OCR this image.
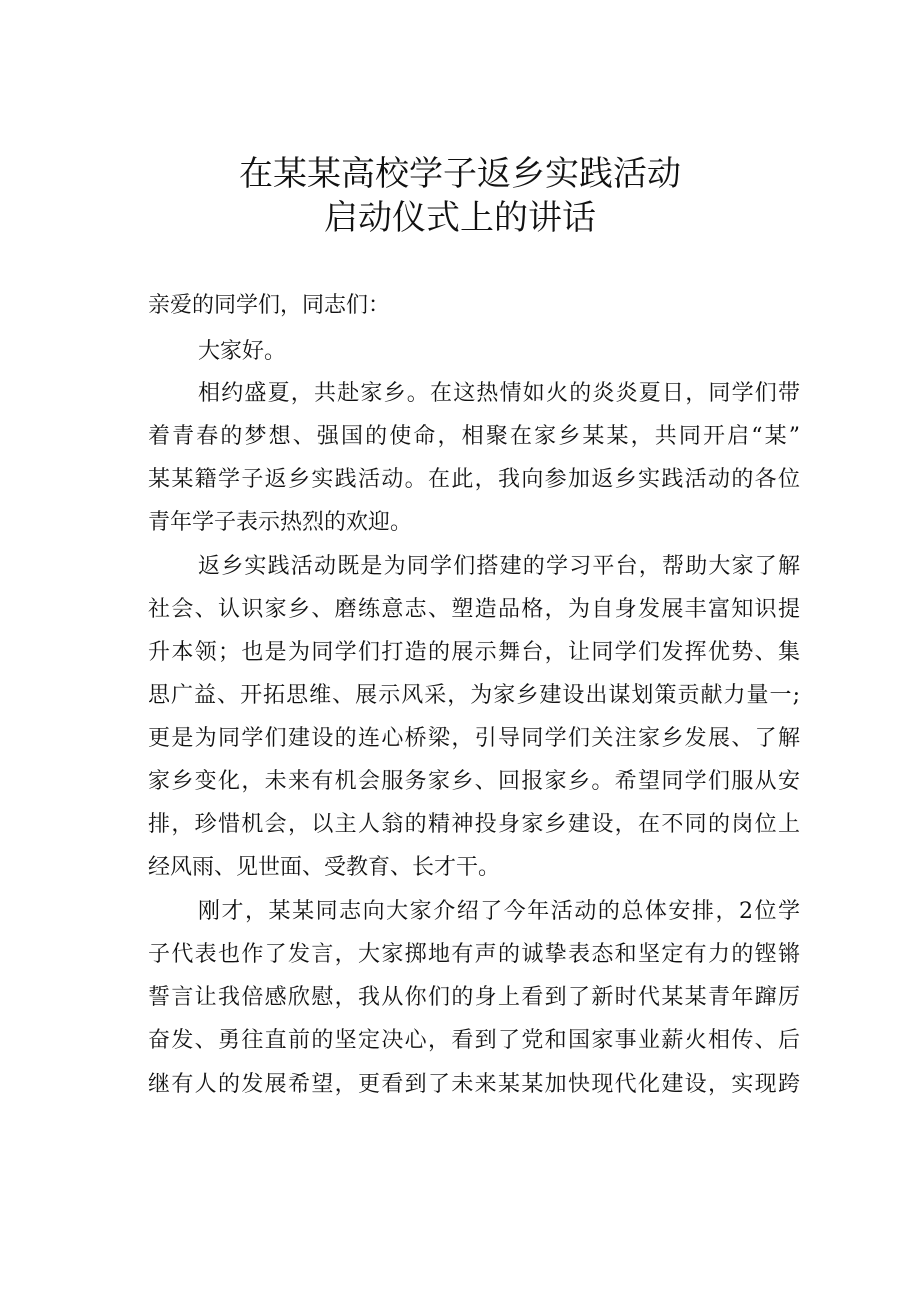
在某某高校学子返乡实践活动
启动仪式上的讲话
亲爱的同学们，同志们：
大家好。
相约盛夏，共赴家乡。在这热情如火的炎炎夏日，同学们带
着青春的梦想、强国的使命，相聚在家乡某某，共同开启“某”
某某籍学子返乡实践活动。在此，我向参加返乡实践活动的各位
青年学子表示热烈的欢迎。
返乡实践活动既是为同学们搭建的学习平台，帮助大家了解
社会、认识家乡、磨练意志、塑造品格，为自身发展丰富知识提
升本领；也是为同学们打造的展示舞台，让同学们发挥优势、集
思广益、开拓思维、展示风采，为家乡建设出谋划策贡献力量一;
更是为同学们建设的连心桥梁，引导同学们关注家乡发展、了解
家乡变化，未来有机会服务家乡、回报家乡。希望同学们服从安
排，珍惜机会，以主人翁的精神投身家乡建设，在不同的岗位上
经风雨、见世面、受教育、长才干。
刚才，某某同志向大家介绍了今年活动的总体安排，2位学
子代表也作了发言，大家掷地有声的诚挚表态和坚定有力的铿锵
誓言让我倍感欣慰，我从你们的身上看到了新时代某某青年蹿厉
奋发、勇往直前的坚定决心，看到了党和国家事业薪火相传、后
继有人的发展希望，更看到了未来某某加快现代化建设，实现跨
